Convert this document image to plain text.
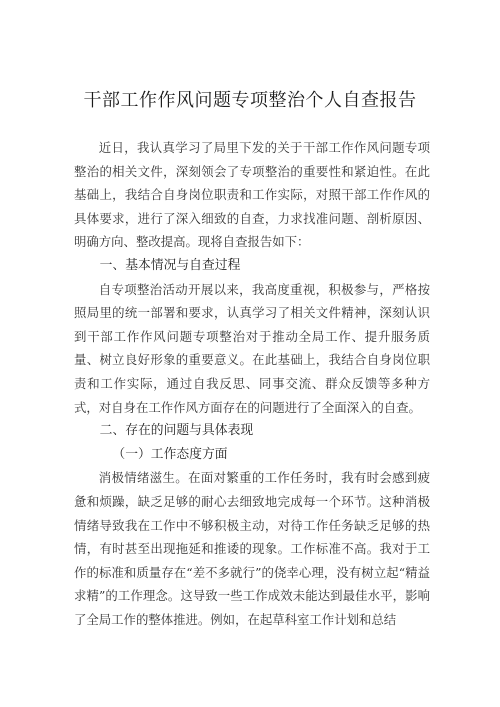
干部工作作风问题专项整治个人自查报告

近日，我认真学习了局里下发的关于干部工作作风问题专项整治的相关文件，深刻领会了专项整治的重要性和紧迫性。在此基础上，我结合自身岗位职责和工作实际，对照干部工作作风的具体要求，进行了深入细致的自查，力求找准问题、剖析原因、明确方向、整改提高。现将自查报告如下：

一、基本情况与自查过程

自专项整治活动开展以来，我高度重视，积极参与，严格按照局里的统一部署和要求，认真学习了相关文件精神，深刻认识到干部工作作风问题专项整治对于推动全局工作、提升服务质量、树立良好形象的重要意义。在此基础上，我结合自身岗位职责和工作实际，通过自我反思、同事交流、群众反馈等多种方式，对自身在工作作风方面存在的问题进行了全面深入的自查。

二、存在的问题与具体表现
（一）工作态度方面

消极情绪滋生。在面对繁重的工作任务时，我有时会感到疲惫和烦躁，缺乏足够的耐心去细致地完成每一个环节。这种消极情绪导致我在工作中不够积极主动，对待工作任务缺乏足够的热情，有时甚至出现拖延和推诿的现象。工作标准不高。我对于工作的标准和质量存在“差不多就行”的侥幸心理，没有树立起“精益求精”的工作理念。这导致一些工作成效未能达到最佳水平，影响了全局工作的整体推进。例如，在起草科室工作计划和总结
